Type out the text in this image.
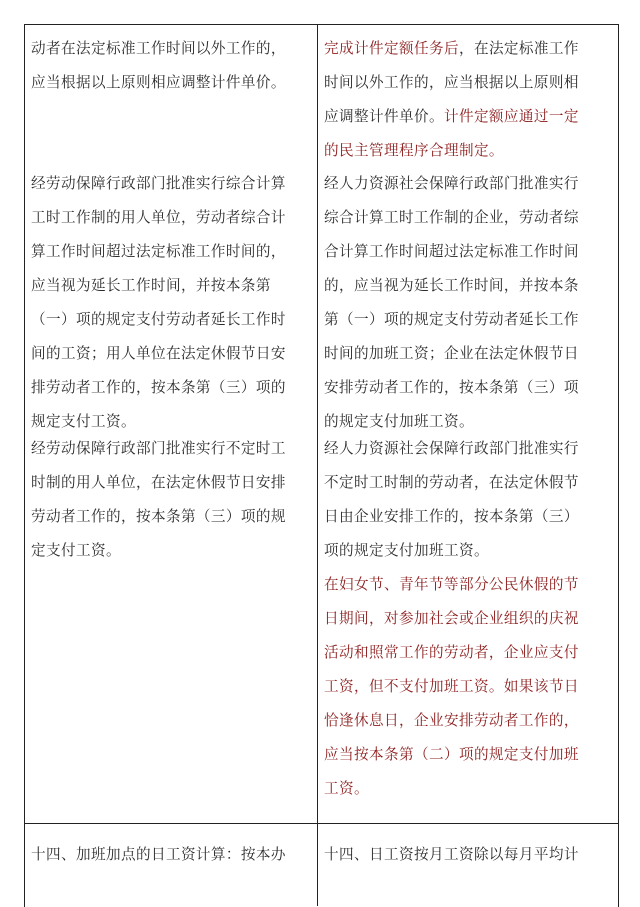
动者在法定标准工作时间以外工作的，
应当根据以上原则相应调整计件单价。
经劳动保障行政部门批准实行综合计算
工时工作制的用人单位，劳动者综合计
算工作时间超过法定标准工作时间的，
应当视为延长工作时间，并按本条第
（一）项的规定支付劳动者延长工作时
间的工资；用人单位在法定休假节日安
排劳动者工作的，按本条第（三）项的
规定支付工资。
经劳动保障行政部门批准实行不定时工
时制的用人单位，在法定休假节日安排
劳动者工作的，按本条第（三）项的规
定支付工资。
十四、加班加点的日工资计算：按本办
完成计件定额任务后，在法定标准工作
时间以外工作的，应当根据以上原则相
应调整计件单价。计件定额应通过一定
的民主管理程序合理制定。
经人力资源社会保障行政部门批准实行
综合计算工时工作制的企业，劳动者综
合计算工作时间超过法定标准工作时间
的，应当视为延长工作时间，并按本条
第（一）项的规定支付劳动者延长工作
时间的加班工资；企业在法定休假节日
安排劳动者工作的，按本条第（三）项
的规定支付加班工资。
经人力资源社会保障行政部门批准实行
不定时工时制的劳动者，在法定休假节
日由企业安排工作的，按本条第（三）
项的规定支付加班工资。
在妇女节、青年节等部分公民休假的节
日期间，对参加社会或企业组织的庆祝
活动和照常工作的劳动者，企业应支付
工资，但不支付加班工资。如果该节日
恰逢休息日，企业安排劳动者工作的，
应当按本条第（二）项的规定支付加班
工资。
十四、日工资按月工资除以每月平均计
